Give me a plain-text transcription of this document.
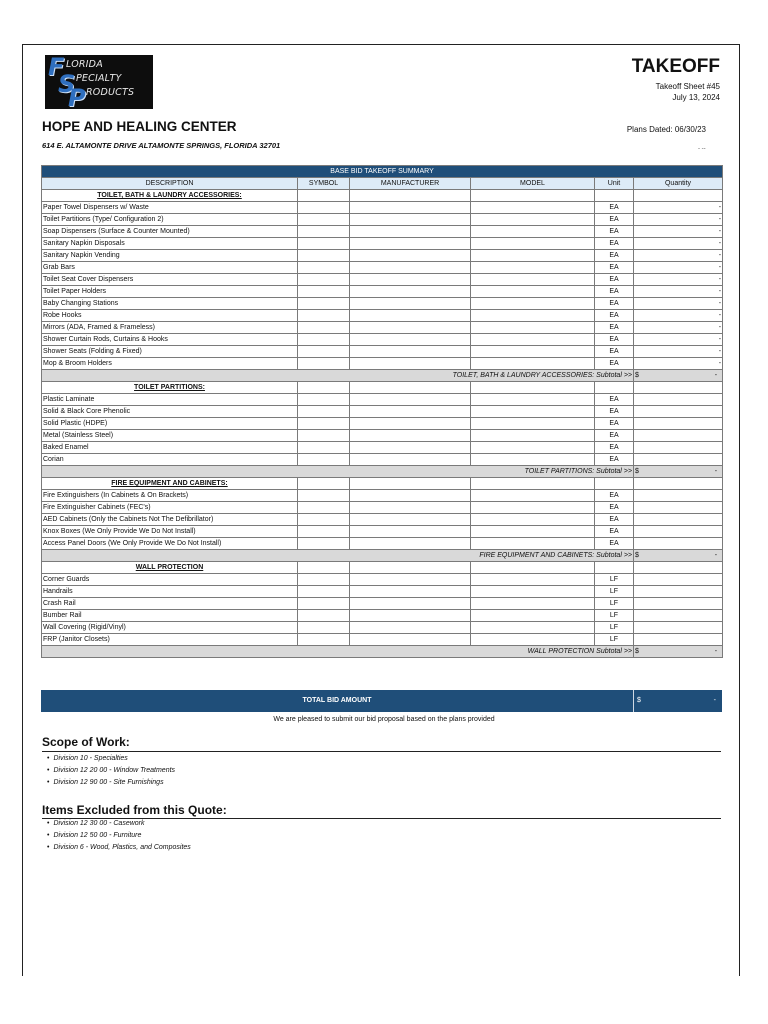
F
S
P
LORIDA
PECIALTY
RODUCTS
TAKEOFF
Takeoff Sheet #45
July 13, 2024
HOPE AND HEALING CENTER	Plans Dated: 06/30/23
614 E. ALTAMONTE DRIVE ALTAMONTE SPRINGS, FLORIDA 32701	- --
BASE BID TAKEOFF SUMMARY					
DESCRIPTION	SYMBOL	MANUFACTURER	MODEL	Unit	Quantity
TOILET, BATH & LAUNDRY ACCESSORIES:					
Paper Towel Dispensers w/ Waste				EA	-
Toilet Partitions (Type/ Configuration 2)				EA	-
Soap Dispensers (Surface & Counter Mounted)				EA	-
Sanitary Napkin Disposals				EA	-
Sanitary Napkin Vending				EA	-
Grab Bars				EA	-
Toilet Seat Cover Dispensers				EA	-
Toilet Paper Holders				EA	-
Baby Changing Stations				EA	-
Robe Hooks				EA	-
Mirrors (ADA, Framed & Frameless)				EA	-
Shower Curtain Rods, Curtains & Hooks				EA	-
Shower Seats (Folding & Fixed)				EA	-
Mop & Broom Holders				EA	-
TOILET, BATH & LAUNDRY ACCESSORIES: Subtotal >>					$ -

TOILET PARTITIONS:					
Plastic Laminate				EA	
Solid & Black Core Phenolic				EA	
Solid Plastic (HDPE)				EA	
Metal (Stainless Steel)				EA	
Baked Enamel				EA	
Corian				EA	
TOILET PARTITIONS: Subtotal >>					$ -

FIRE EQUIPMENT AND CABINETS:					
Fire Extinguishers (In Cabinets & On Brackets)				EA	
Fire Extinguisher Cabinets (FEC's)				EA	
AED Cabinets (Only the Cabinets Not The Defibrillator)				EA	
Knox Boxes (We Only Provide We Do Not Install)				EA	
Access Panel Doors (We Only Provide We Do Not Install)				EA	
FIRE EQUIPMENT AND CABINETS: Subtotal >>					$ -

WALL PROTECTION					
Corner Guards				LF	
Handrails				LF	
Crash Rail				LF	
Bumber Rail				LF	
Wall Covering (Rigid/Vinyl)				LF	
FRP (Janitor Closets)				LF	
WALL PROTECTION Subtotal >>					$ -
TOTAL BID AMOUNT	$	-
We are pleased to submit our bid proposal based on the plans provided
Scope of Work:
• Division 10 - Specialties
• Division 12 20 00 - Window Treatments
• Division 12 90 00 - Site Furnishings
Items Excluded from this Quote:
• Division 12 30 00 - Casework
• Division 12 50 00 - Furniture
• Division 6 - Wood, Plastics, and Composites
